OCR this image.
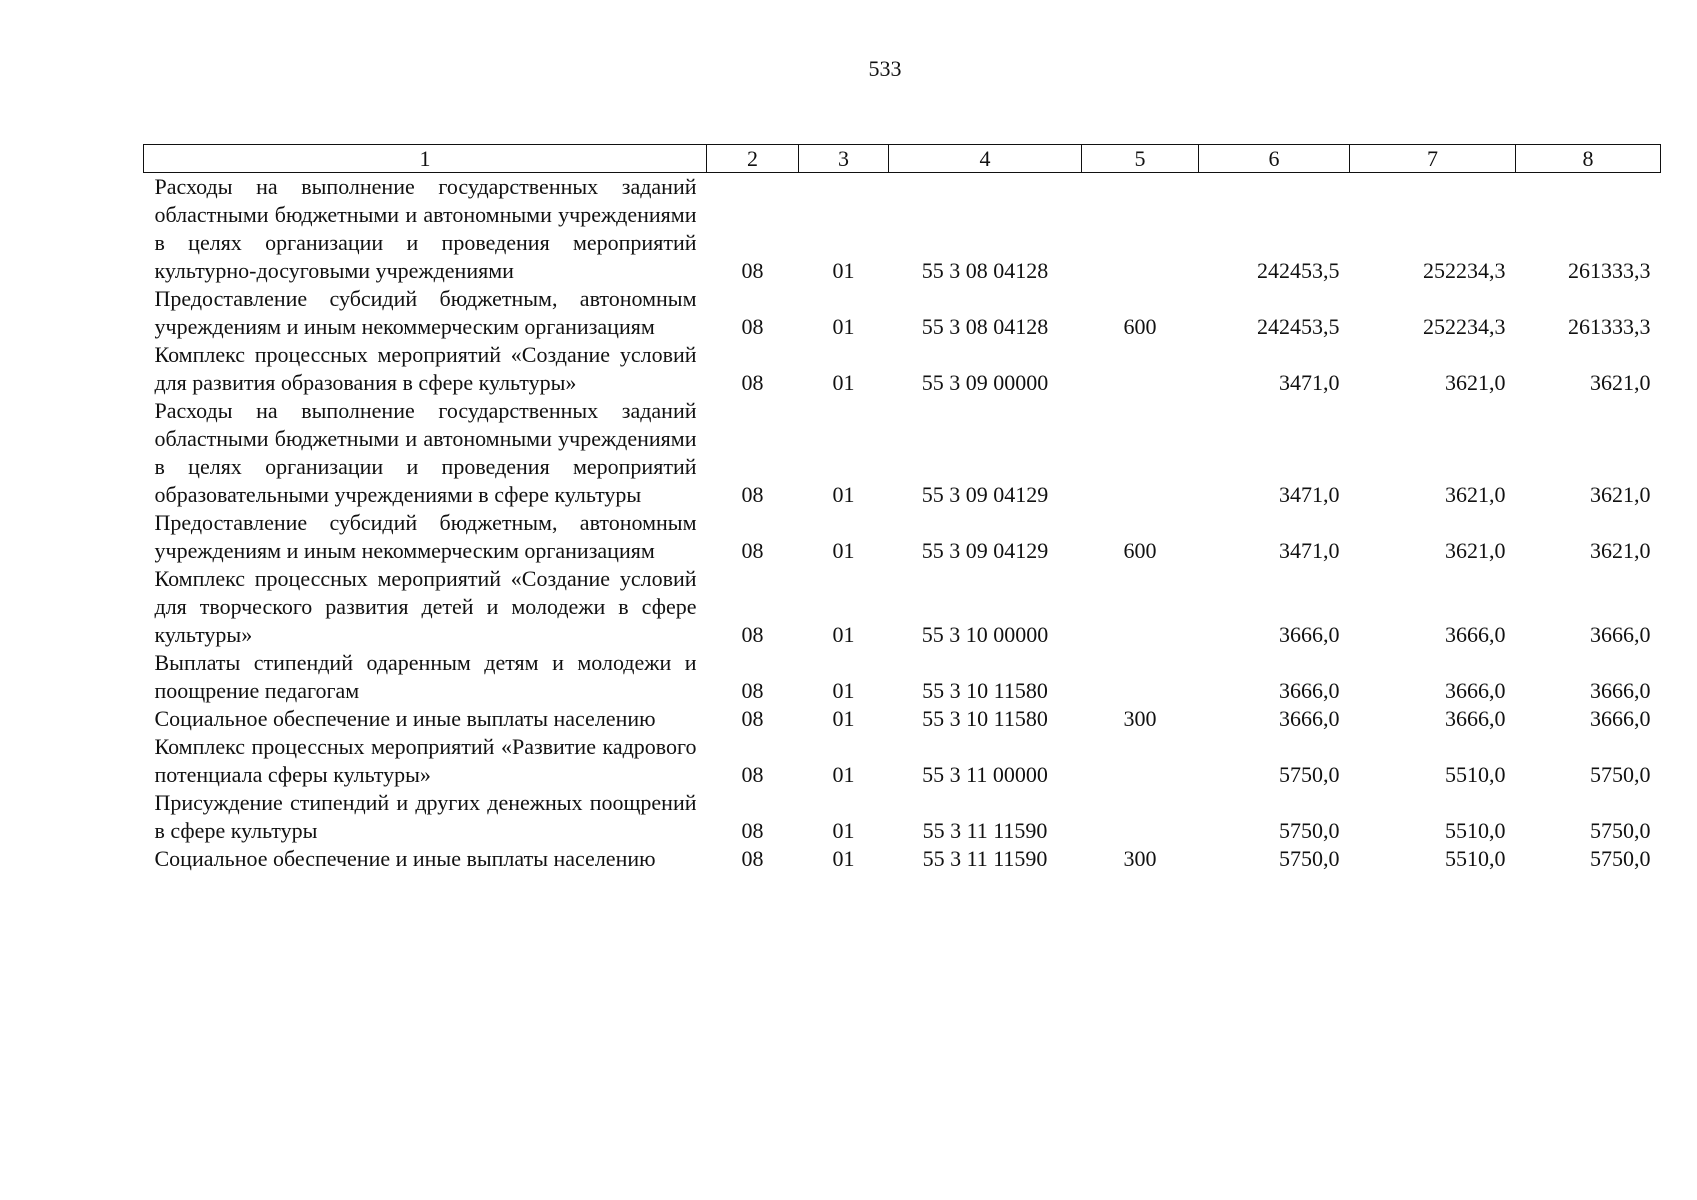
533
1	2	3	4	5	6	7	8
Расходы на выполнение государственных заданий областными бюджетными и автономными учреждениями в целях организации и проведения мероприятий культурно-досуговыми учреждениями	08	01	55 3 08 04128		242453,5	252234,3	261333,3
Предоставление субсидий бюджетным, автономным учреждениям и иным некоммерческим организациям	08	01	55 3 08 04128	600	242453,5	252234,3	261333,3
Комплекс процессных мероприятий «Создание условий для развития образования в сфере культуры»	08	01	55 3 09 00000		3471,0	3621,0	3621,0
Расходы на выполнение государственных заданий областными бюджетными и автономными учреждениями в целях организации и проведения мероприятий образовательными учреждениями в сфере культуры	08	01	55 3 09 04129		3471,0	3621,0	3621,0
Предоставление субсидий бюджетным, автономным учреждениям и иным некоммерческим организациям	08	01	55 3 09 04129	600	3471,0	3621,0	3621,0
Комплекс процессных мероприятий «Создание условий для творческого развития детей и молодежи в сфере культуры»	08	01	55 3 10 00000		3666,0	3666,0	3666,0
Выплаты стипендий одаренным детям и молодежи и поощрение педагогам	08	01	55 3 10 11580		3666,0	3666,0	3666,0
Социальное обеспечение и иные выплаты населению	08	01	55 3 10 11580	300	3666,0	3666,0	3666,0
Комплекс процессных мероприятий «Развитие кадрового потенциала сферы культуры»	08	01	55 3 11 00000		5750,0	5510,0	5750,0
Присуждение стипендий и других денежных поощрений в сфере культуры	08	01	55 3 11 11590		5750,0	5510,0	5750,0
Социальное обеспечение и иные выплаты населению	08	01	55 3 11 11590	300	5750,0	5510,0	5750,0
